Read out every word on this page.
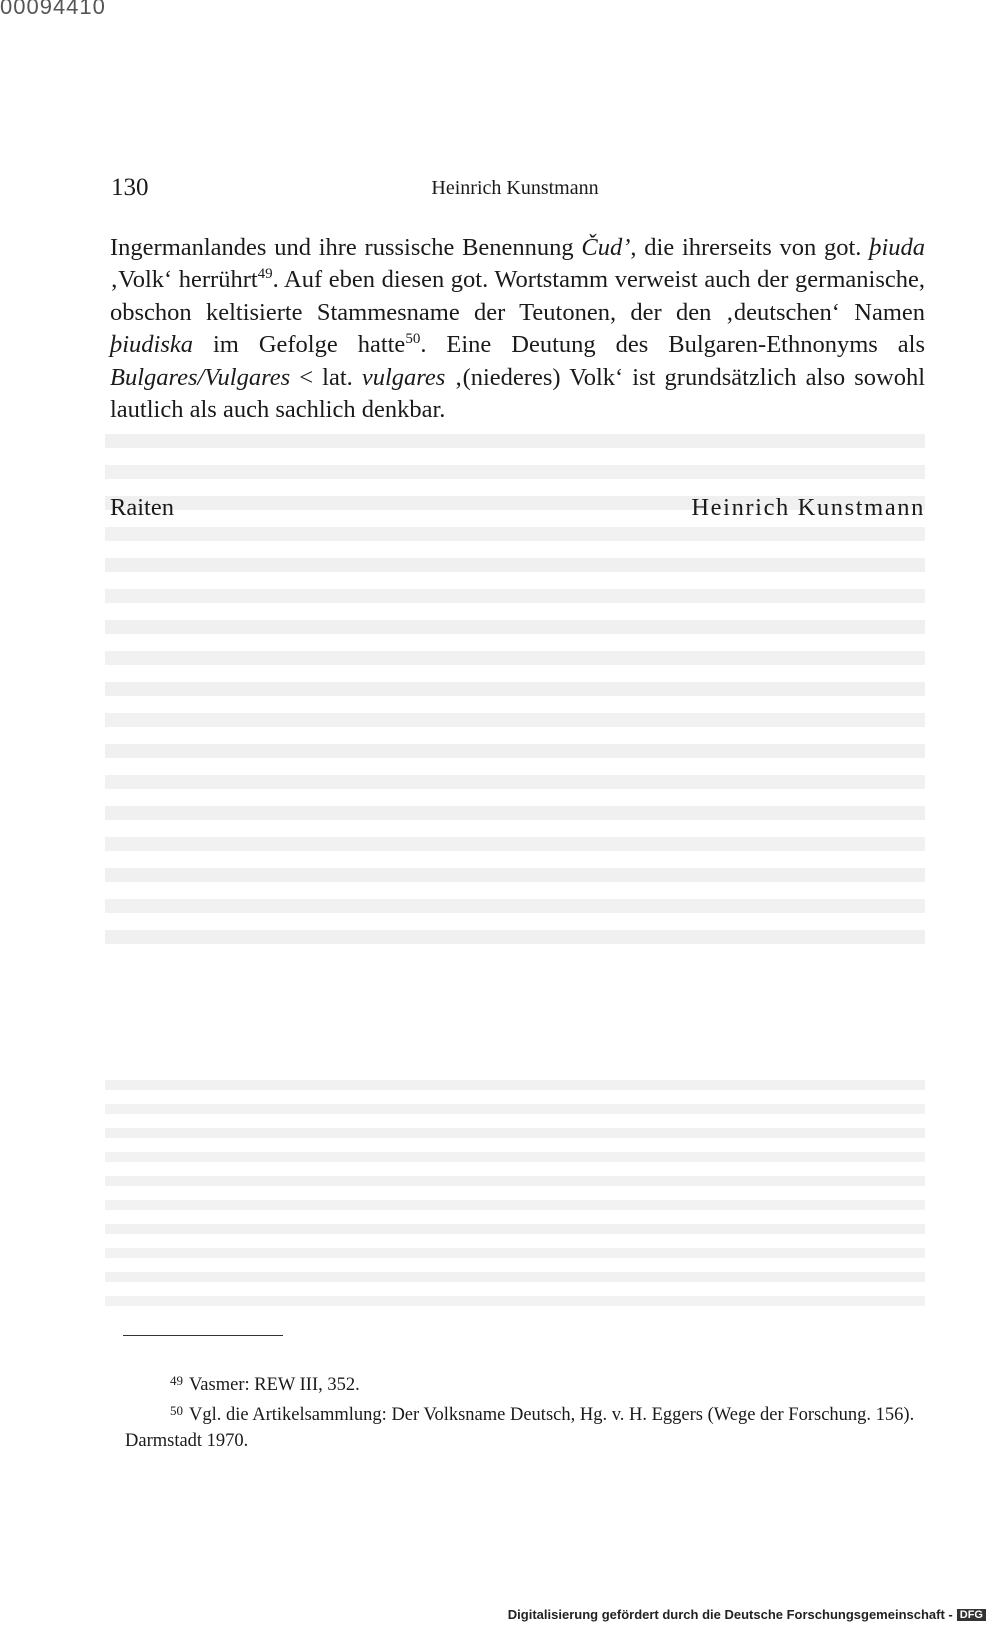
00094410
130	Heinrich Kunstmann

Ingermanlandes und ihre russische Benennung Čud’, die ihrerseits von got. þiuda ‚Volk‘ herrührt$^{49}$. Auf eben diesen got. Wortstamm verweist auch der germanische, obschon keltisierte Stammesname der Teutonen, der den ‚deutschen‘ Namen þiudiska im Gefolge hatte$^{50}$. Eine Deutung des Bulgaren-Ethnonyms als Bulgares/Vulgares < lat. vulgares ‚(niederes) Volk‘ ist grundsätzlich also sowohl lautlich als auch sachlich denkbar.

Raiten	Heinrich Kunstmann

$^{49}$ Vasmer: REW III, 352.

$^{50}$ Vgl. die Artikelsammlung: Der Volksname Deutsch, Hg. v. H. Eggers (Wege der Forschung. 156). Darmstadt 1970.

Digitalisierung gefördert durch die Deutsche Forschungsgemeinschaft - DFG
